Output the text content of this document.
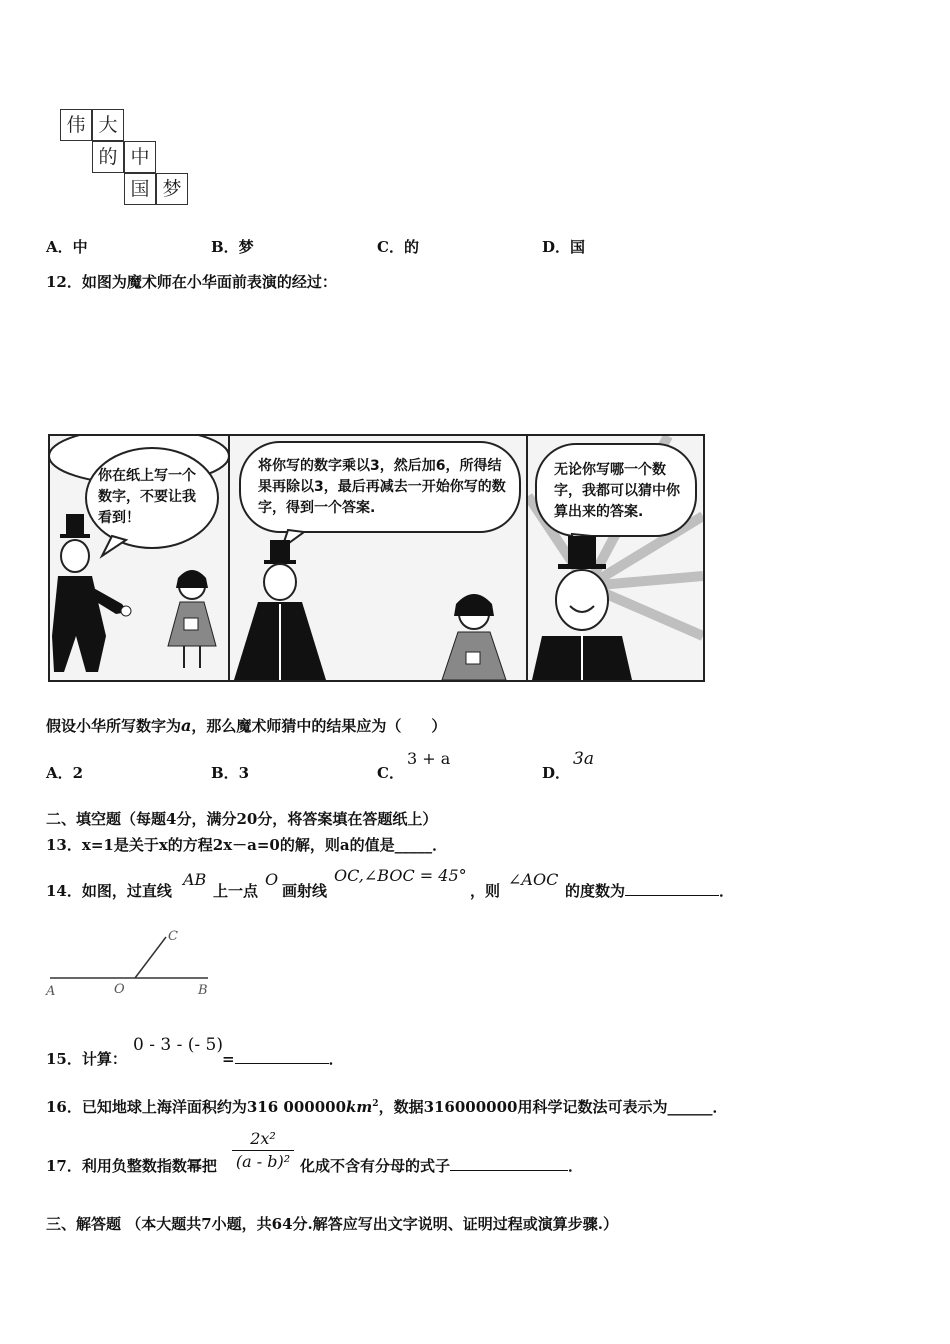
伟 大
的 中
国 梦
A．中	B．梦	C．的	D．国
12．如图为魔术师在小华面前表演的经过：
你在纸上写一个数字，不要让我看到！
将你写的数字乘以3，然后加6，所得结果再除以3，最后再减去一开始你写的数字，得到一个答案.
无论你写哪一个数字，我都可以猜中你算出来的答案.
假设小华所写数字为a，那么魔术师猜中的结果应为（　　）
A．2	B．3	C．
3 + a
D．
3a
二、填空题（每题4分，满分20分，将答案填在答题纸上）
13．x=1是关于x的方程2x－a=0的解，则a的值是_____．
14．如图，过直线
AB
上一点
O
画射线
OC,∠BOC = 45°
，则
∠AOC
的度数为	．
A	O	B
C
15．计算：
0 - 3 - (- 5)
=	．
16．已知地球上海洋面积约为316 $000000km^2$，数据316000000用科学记数法可表示为______．
17．利用负整数指数幂把
2x²
(a - b)² 化成不含有分母的式子	．
三、解答题 （本大题共7小题，共64分.解答应写出文字说明、证明过程或演算步骤.）
